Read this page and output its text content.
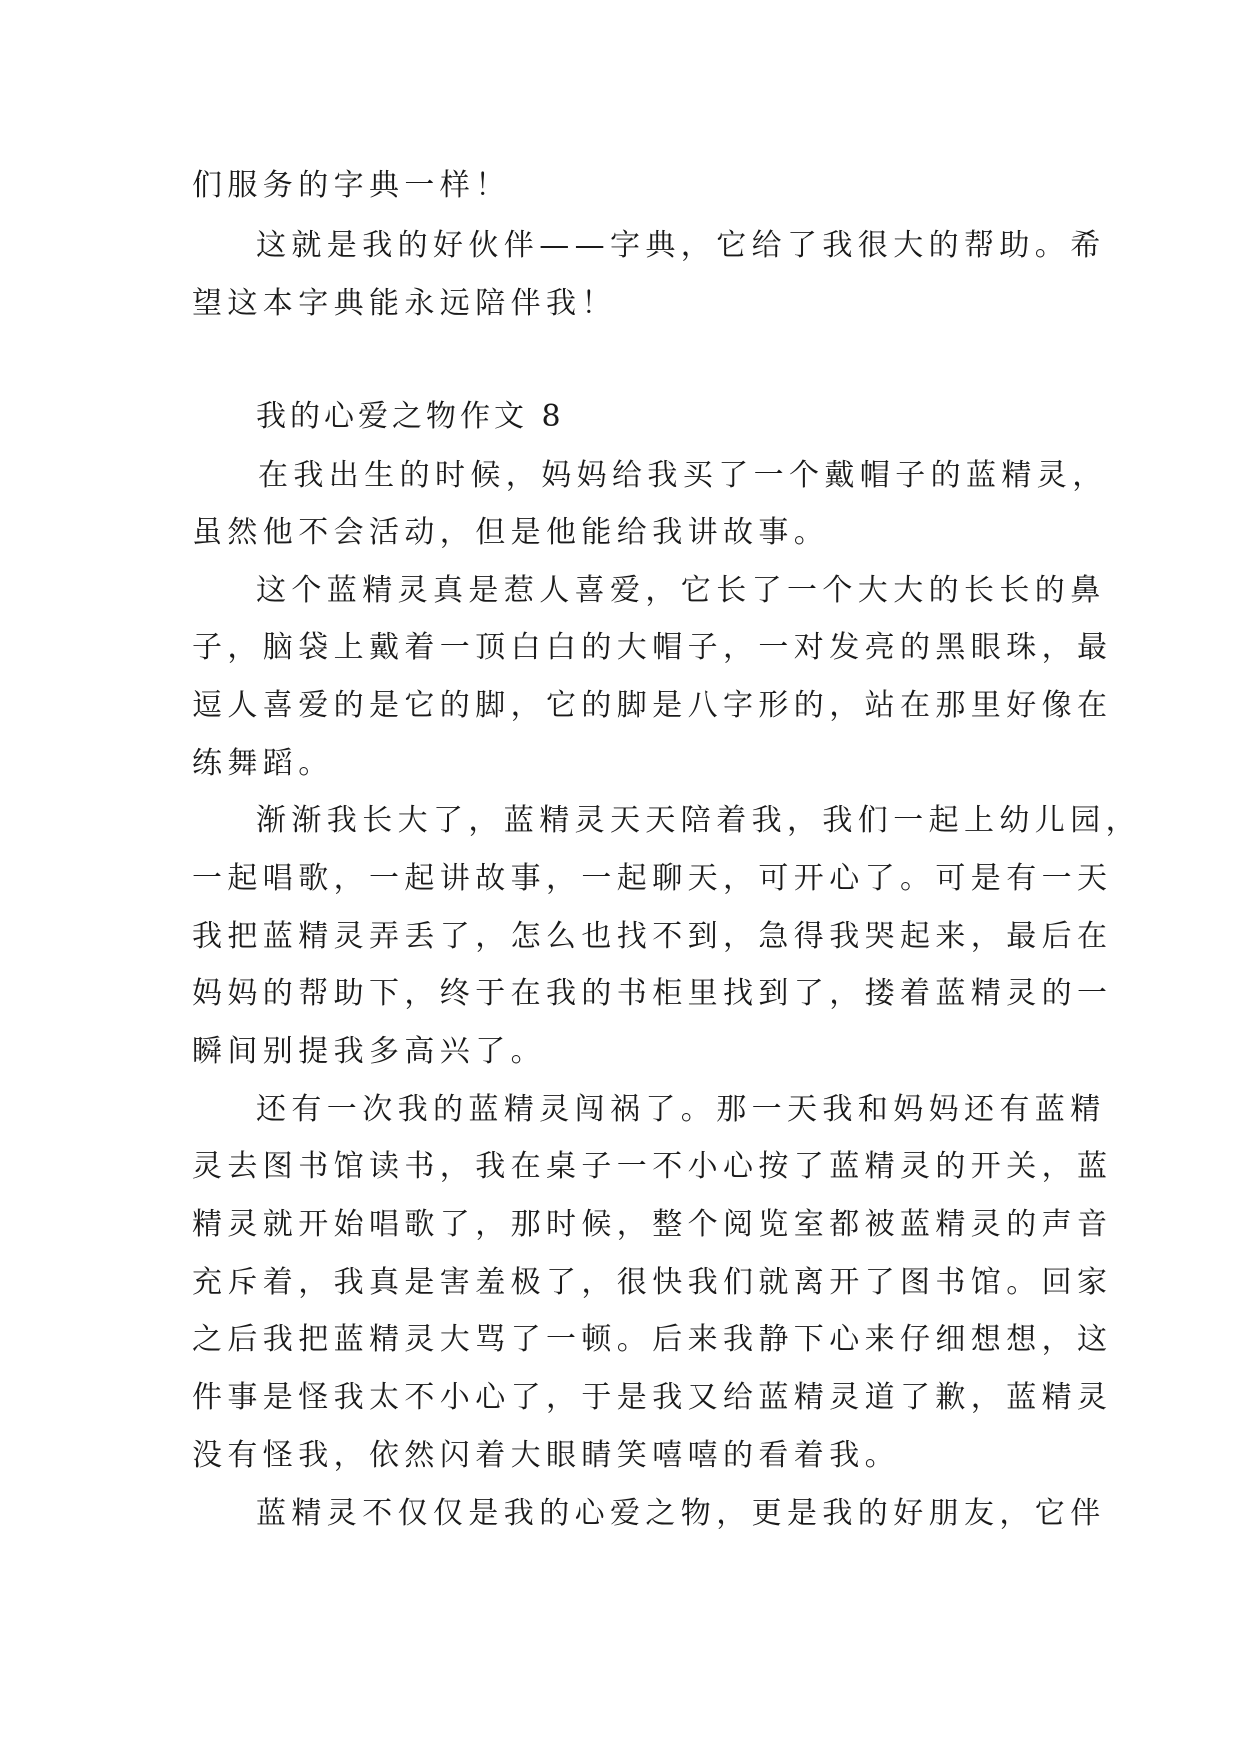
们服务的字典一样！
这就是我的好伙伴——字典，它给了我很大的帮助。希
望这本字典能永远陪伴我！
我的心爱之物作文 8
在我出生的时候，妈妈给我买了一个戴帽子的蓝精灵，
虽然他不会活动，但是他能给我讲故事。
这个蓝精灵真是惹人喜爱，它长了一个大大的长长的鼻
子，脑袋上戴着一顶白白的大帽子，一对发亮的黑眼珠，最
逗人喜爱的是它的脚，它的脚是八字形的，站在那里好像在
练舞蹈。
渐渐我长大了，蓝精灵天天陪着我，我们一起上幼儿园，
一起唱歌，一起讲故事，一起聊天，可开心了。可是有一天
我把蓝精灵弄丢了，怎么也找不到，急得我哭起来，最后在
妈妈的帮助下，终于在我的书柜里找到了，搂着蓝精灵的一
瞬间别提我多高兴了。
还有一次我的蓝精灵闯祸了。那一天我和妈妈还有蓝精
灵去图书馆读书，我在桌子一不小心按了蓝精灵的开关，蓝
精灵就开始唱歌了，那时候，整个阅览室都被蓝精灵的声音
充斥着，我真是害羞极了，很快我们就离开了图书馆。回家
之后我把蓝精灵大骂了一顿。后来我静下心来仔细想想，这
件事是怪我太不小心了，于是我又给蓝精灵道了歉，蓝精灵
没有怪我，依然闪着大眼睛笑嘻嘻的看着我。
蓝精灵不仅仅是我的心爱之物，更是我的好朋友，它伴
